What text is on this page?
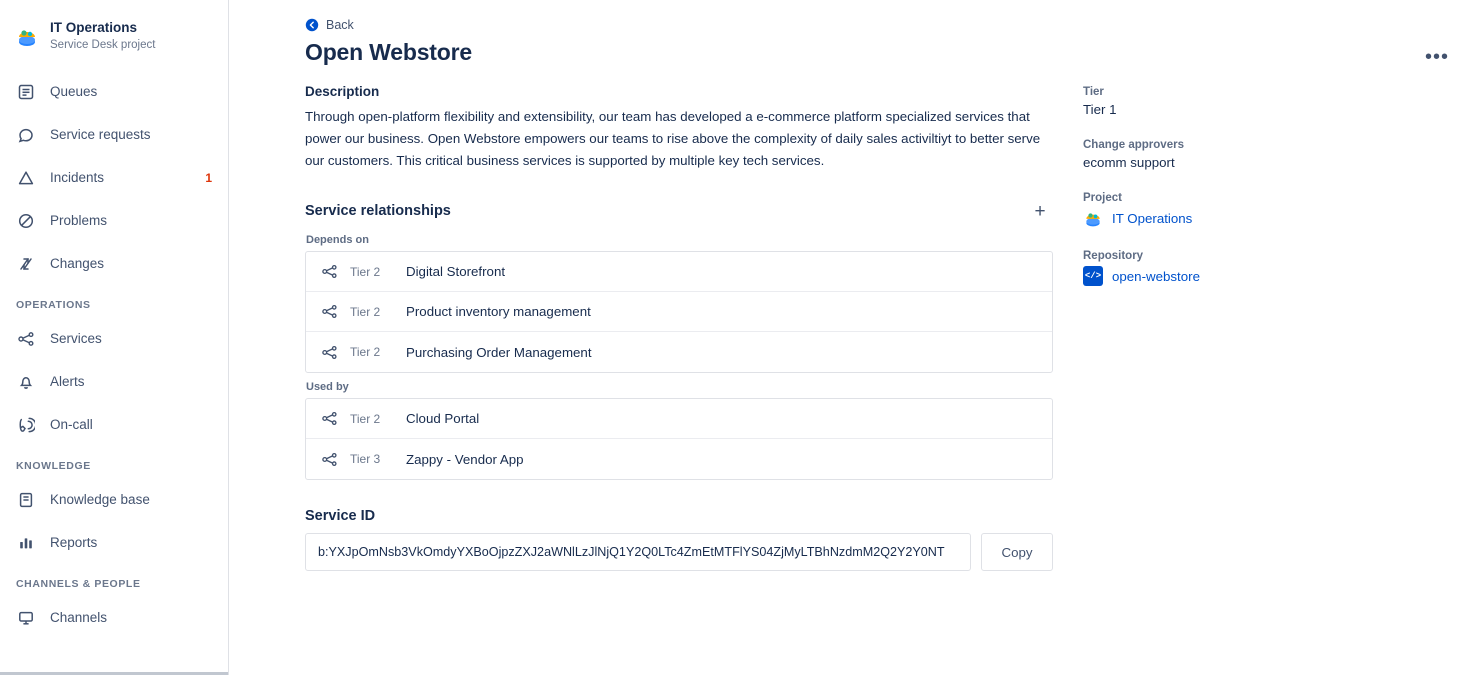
IT Operations
Service Desk project
Queues
Service requests
Incidents	1
Problems
Changes
OPERATIONS
Services
Alerts
On-call
KNOWLEDGE
Knowledge base
Reports
CHANNELS & PEOPLE
Channels
•••
Back
Open Webstore
Description
Through open-platform flexibility and extensibility, our team has developed a e-commerce platform specialized services that power our business. Open Webstore empowers our teams to rise above the complexity of daily sales activiltiyt to better serve our customers. This critical business services is supported by multiple key tech services.
Service relationships	+
Depends on
Tier 2	Digital Storefront
Tier 2	Product inventory management
Tier 2	Purchasing Order Management
Used by
Tier 2	Cloud Portal
Tier 3	Zappy - Vendor App
Service ID
b:YXJpOmNsb3VkOmdyYXBoOjpzZXJ2aWNlLzJlNjQ1Y2Q0LTc4ZmEtMTFlYS04ZjMyLTBhNzdmM2Q2Y2Y0NT	Copy
Tier
Tier 1
Change approvers
ecomm support
Project
IT Operations
Repository
</> open-webstore
